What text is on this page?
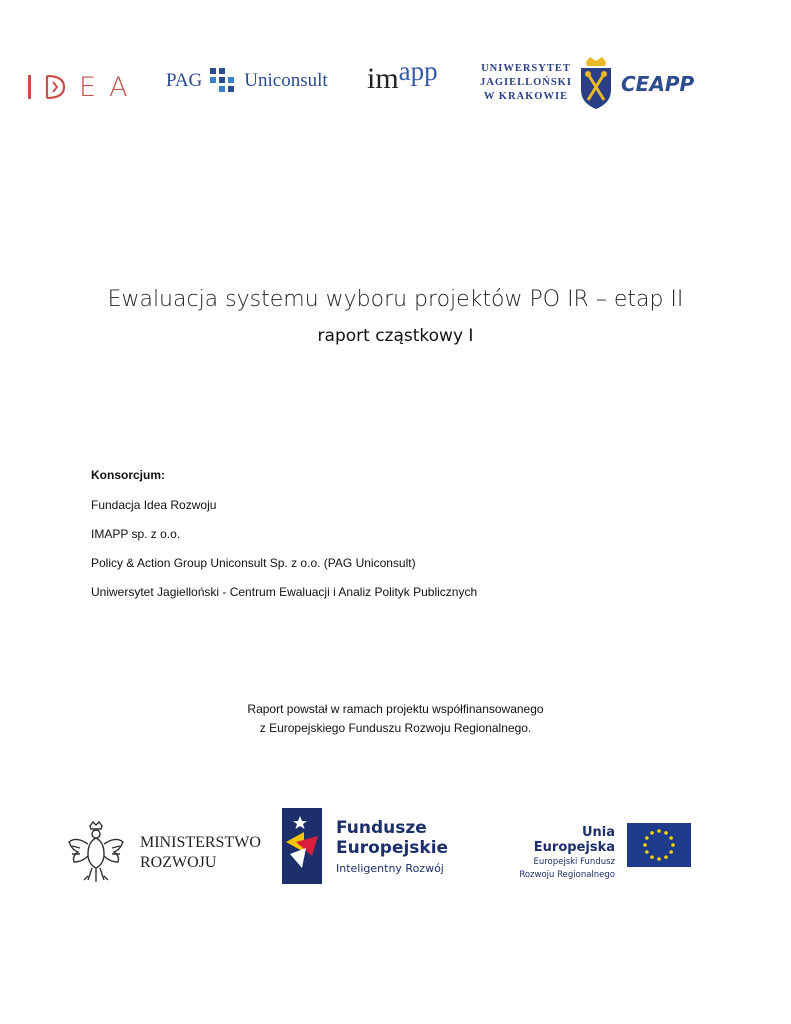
E A PAG Uniconsult imapp	UNIWERSYTET
JAGIELLOŃSKI
W KRAKOWIE
CEAPP
Ewaluacja systemu wyboru projektów PO IR – etap II
raport cząstkowy I
Konsorcjum:
Fundacja Idea Rozwoju
IMAPP sp. z o.o.
Policy & Action Group Uniconsult Sp. z o.o. (PAG Uniconsult)
Uniwersytet Jagielloński - Centrum Ewaluacji i Analiz Polityk Publicznych
Raport powstał w ramach projektu współfinansowanego
z Europejskiego Funduszu Rozwoju Regionalnego.
MINISTERSTWO
ROZWOJU
Fundusze
Europejskie
Inteligentny Rozwój
Unia Europejska
Europejski Fundusz
Rozwoju Regionalnego
